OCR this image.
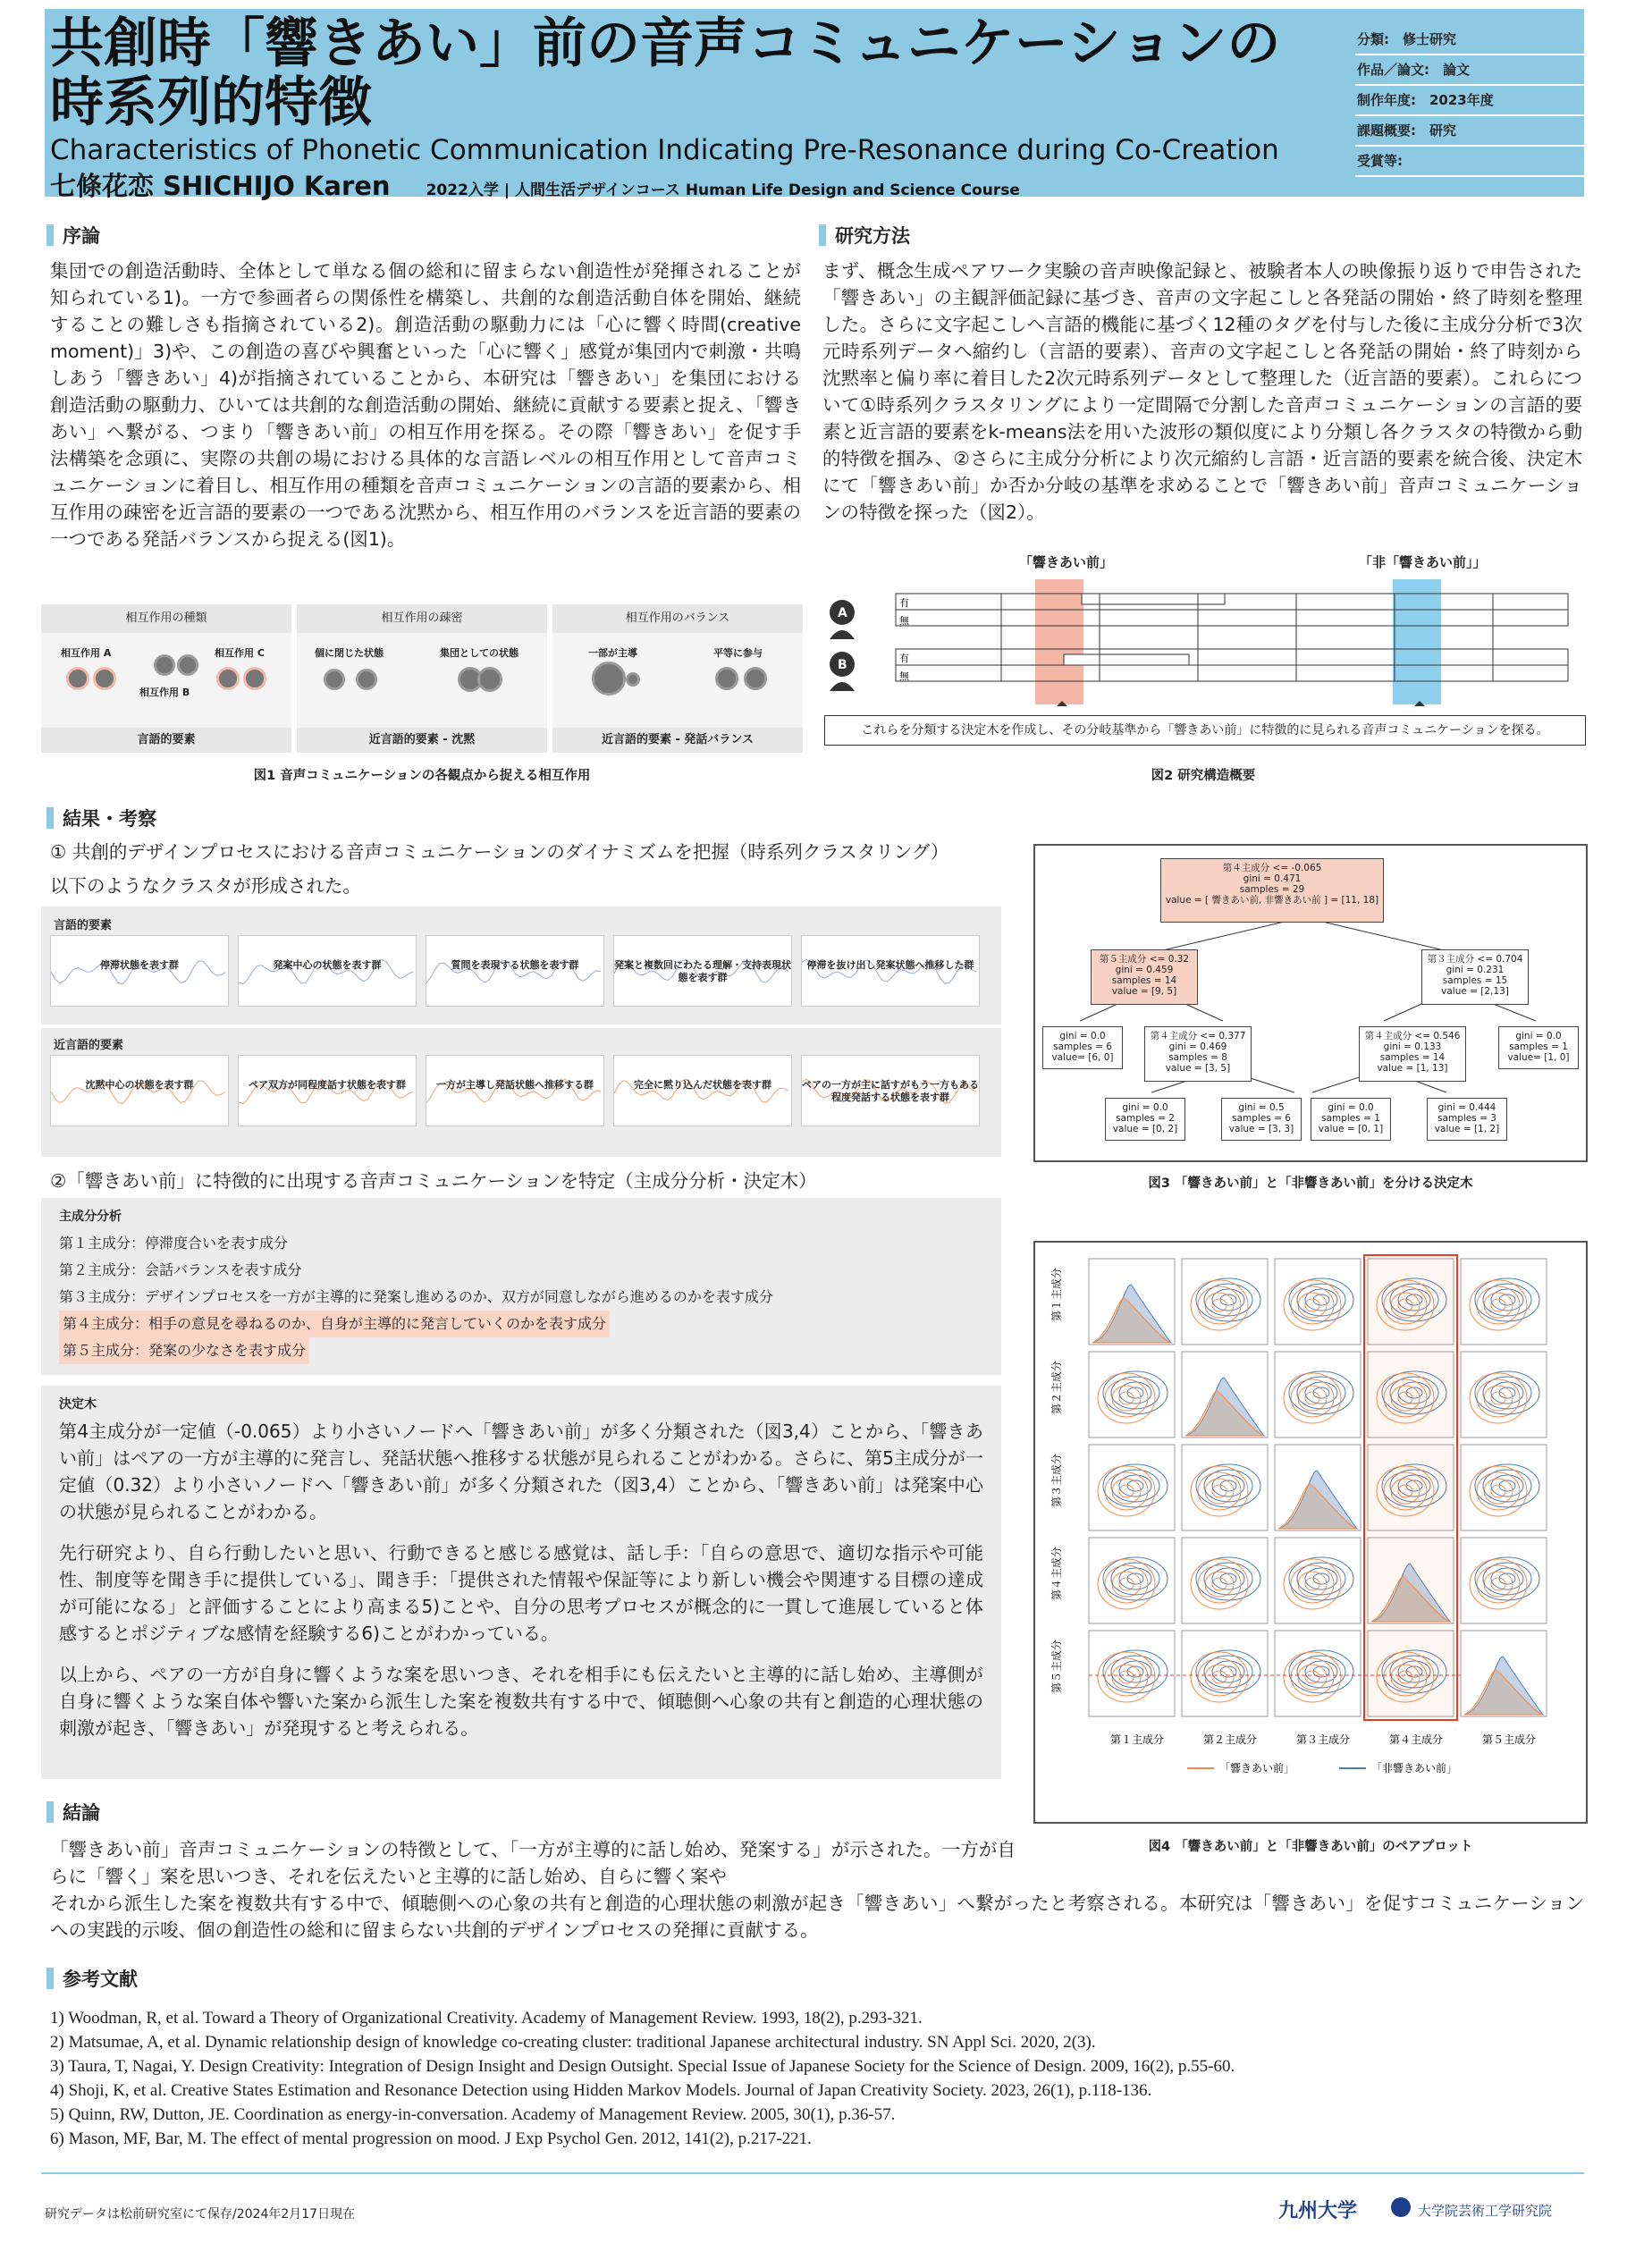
共創時「響きあい」前の音声コミュニケーションの時系列的特徴
Characteristics of Phonetic Communication Indicating Pre-Resonance during Co-Creation
七條花恋 SHICHIJO Karen 2022入学 | 人間生活デザインコース Human Life Design and Science Course
分類:　修士研究
作品／論文:　論文
制作年度:　2023年度
課題概要:　研究
受賞等:
序論
集団での創造活動時、全体として単なる個の総和に留まらない創造性が発揮されることが知られている1)。一方で参画者らの関係性を構築し、共創的な創造活動自体を開始、継続することの難しさも指摘されている2)。創造活動の駆動力には「心に響く時間(creative moment)」3)や、この創造の喜びや興奮といった「心に響く」感覚が集団内で刺激・共鳴しあう「響きあい」4)が指摘されていることから、本研究は「響きあい」を集団における創造活動の駆動力、ひいては共創的な創造活動の開始、継続に貢献する要素と捉え、「響きあい」へ繋がる、つまり「響きあい前」の相互作用を探る。その際「響きあい」を促す手法構築を念頭に、実際の共創の場における具体的な言語レベルの相互作用として音声コミュニケーションに着目し、相互作用の種類を音声コミュニケーションの言語的要素から、相互作用の疎密を近言語的要素の一つである沈黙から、相互作用のバランスを近言語的要素の一つである発話バランスから捉える(図1)。
研究方法
まず、概念生成ペアワーク実験の音声映像記録と、被験者本人の映像振り返りで申告された「響きあい」の主観評価記録に基づき、音声の文字起こしと各発話の開始・終了時刻を整理した。さらに文字起こしへ言語的機能に基づく12種のタグを付与した後に主成分分析で3次元時系列データへ縮约し（言語的要素）、音声の文字起こしと各発話の開始・終了時刻から沈黙率と偏り率に着目した2次元時系列データとして整理した（近言語的要素）。これらについて①時系列クラスタリングにより一定間隔で分割した音声コミュニケーションの言語的要素と近言語的要素をk-means法を用いた波形の類似度により分類し各クラスタの特徴から動的特徴を掴み、②さらに主成分分析により次元縮約し言語・近言語的要素を統合後、決定木にて「響きあい前」か否か分岐の基準を求めることで「響きあい前」音声コミュニケーションの特徴を探った（図2）。
相互作用の種類
相互作用 A
相互作用 B
相互作用 C
言語的要素
相互作用の疎密
個に閉じた状態	集団としての状態
近言語的要素 - 沈黙
相互作用のバランス
一部が主導	平等に参与
近言語的要素 - 発話バランス
図1 音声コミュニケーションの各観点から捉える相互作用
「響きあい前」	「非「響きあい前」」
A
B
有
無
有
無
これらを分類する決定木を作成し、その分岐基準から「響きあい前」に特徴的に見られる音声コミュニケーションを探る。
図2 研究構造概要
結果・考察
① 共創的デザインプロセスにおける音声コミュニケーションのダイナミズムを把握（時系列クラスタリング）
以下のようなクラスタが形成された。
言語的要素
近言語的要素
停滞状態を表す群	発案中心の状態を表す群	質問を表現する状態を表す群	発案と複数回にわたる理解・支持表現状態を表す群
停滞を抜け出し発案状態へ推移した群
沈黙中心の状態を表す群	ペア双方が同程度話す状態を表す群	一方が主導し発話状態へ推移する群	完全に黙り込んだ状態を表す群	ペアの一方が主に話すがもう一方もある程度発話する状態を表す群
②「響きあい前」に特徴的に出現する音声コミュニケーションを特定（主成分分析・決定木）
主成分分析
第１主成分：停滞度合いを表す成分
第２主成分：会話バランスを表す成分
第３主成分：デザインプロセスを一方が主導的に発案し進めるのか、双方が同意しながら進めるのかを表す成分
第４主成分：相手の意見を尋ねるのか、自身が主導的に発言していくのかを表す成分
第５主成分：発案の少なさを表す成分
決定木
第4主成分が一定値（-0.065）より小さいノードへ「響きあい前」が多く分類された（図3,4）ことから、「響きあい前」はペアの一方が主導的に発言し、発話状態へ推移する状態が見られることがわかる。さらに、第5主成分が一定値（0.32）より小さいノードへ「響きあい前」が多く分類された（図3,4）ことから、「響きあい前」は発案中心の状態が見られることがわかる。
先行研究より、自ら行動したいと思い、行動できると感じる感覚は、話し手：「自らの意思で、適切な指示や可能性、制度等を聞き手に提供している」、聞き手：「提供された情報や保証等により新しい機会や関連する目標の達成が可能になる」と評価することにより高まる5)ことや、自分の思考プロセスが概念的に一貫して進展していると体感するとポジティブな感情を経験する6)ことがわかっている。
以上から、ペアの一方が自身に響くような案を思いつき、それを相手にも伝えたいと主導的に話し始め、主導側が自身に響くような案自体や響いた案から派生した案を複数共有する中で、傾聴側へ心象の共有と創造的心理状態の刺激が起き、「響きあい」が発現すると考えられる。
第４主成分 <= -0.065
gini = 0.471
samples = 29
value = [ 響きあい前, 非響きあい前 ] = [11, 18]
第５主成分 <= 0.32
gini = 0.459
samples = 14
value = [9, 5]
第３主成分 <= 0.704
gini = 0.231
samples = 15
value = [2,13]
gini = 0.0
samples = 6
value= [6, 0]
第４主成分 <= 0.377
gini = 0.469
samples = 8
value = [3, 5]
第４主成分 <= 0.546
gini = 0.133
samples = 14
value = [1, 13]
gini = 0.0
samples = 1
value= [1, 0]
gini = 0.0
samples = 2
value = [0, 2]
gini = 0.5
samples = 6
value = [3, 3]
gini = 0.0
samples = 1
value = [0, 1]
gini = 0.444
samples = 3
value = [1, 2]
図3 「響きあい前」と「非響きあい前」を分ける決定木
第１主成分
第１主成分
第２主成分
第２主成分
第３主成分
第３主成分
第４主成分
第４主成分
第５主成分
第５主成分
「響きあい前」	「非響きあい前」
図4 「響きあい前」と「非響きあい前」のペアプロット
結論
「響きあい前」音声コミュニケーションの特徴として、「一方が主導的に話し始め、発案する」が示された。一方が自らに「響く」案を思いつき、それを伝えたいと主導的に話し始め、自らに響く案や
それから派生した案を複数共有する中で、傾聴側への心象の共有と創造的心理状態の刺激が起き「響きあい」へ繋がったと考察される。本研究は「響きあい」を促すコミュニケーションへの実践的示唆、個の創造性の総和に留まらない共創的デザインプロセスの発揮に貢献する。
参考文献
1) Woodman, R, et al. Toward a Theory of Organizational Creativity. Academy of Management Review. 1993, 18(2), p.293-321.
2) Matsumae, A, et al. Dynamic relationship design of knowledge co-creating cluster: traditional Japanese architectural industry. SN Appl Sci. 2020, 2(3).
3) Taura, T, Nagai, Y. Design Creativity: Integration of Design Insight and Design Outsight. Special Issue of Japanese Society for the Science of Design. 2009, 16(2), p.55-60.
4) Shoji, K, et al. Creative States Estimation and Resonance Detection using Hidden Markov Models. Journal of Japan Creativity Society. 2023, 26(1), p.118-136.
5) Quinn, RW, Dutton, JE. Coordination as energy-in-conversation. Academy of Management Review. 2005, 30(1), p.36-57.
6) Mason, MF, Bar, M. The effect of mental progression on mood. J Exp Psychol Gen. 2012, 141(2), p.217-221.
研究データは松前研究室にて保存/2024年2月17日現在	九州大学	大学院芸術工学研究院
